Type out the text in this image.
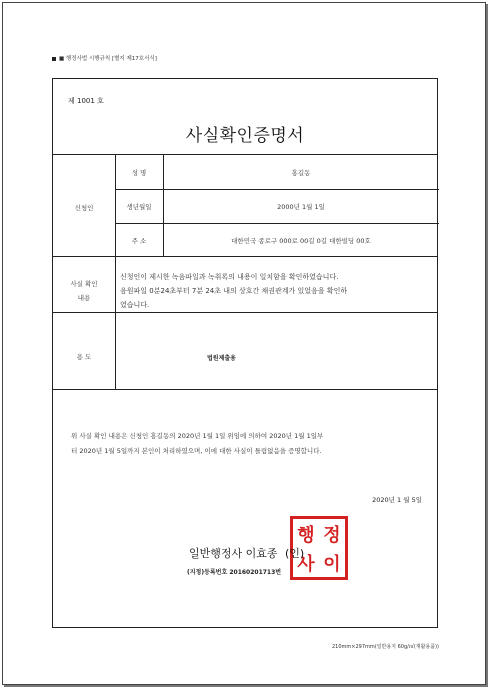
■ 행정사법 시행규칙 [별지 제17호서식]
제 1001 호
사실확인증명서
신청인
성 명	홍길동
생년월일	2000년 1월 1일
주 소	대한민국 종로구 000로 00길 0길 대한빌딩 00호
사실 확인
내용
신청인이 제시한 녹음파일과 녹취록의 내용이 일치함을 확인하였습니다.
음원파일 0분24초부터 7분 24초 내의 상호간 채권관계가 있었음을 확인하
였습니다.
용 도	법원제출용
위 사실 확인 내용은 신청인 홍길동의 2020년 1월 1일 위임에 의하여 2020년 1월 1일부
터 2020년 1월 5일까지 본인이 처리하였으며, 이에 대한 사실이 틀림없음을 증명합니다.
2020년 1 월 5일
행 정
사 이
일반행정사 이효종 (인)
(지정)등록번호 20160201713번
210mm×297mm(일반용지 60g/㎡(재활용품))
